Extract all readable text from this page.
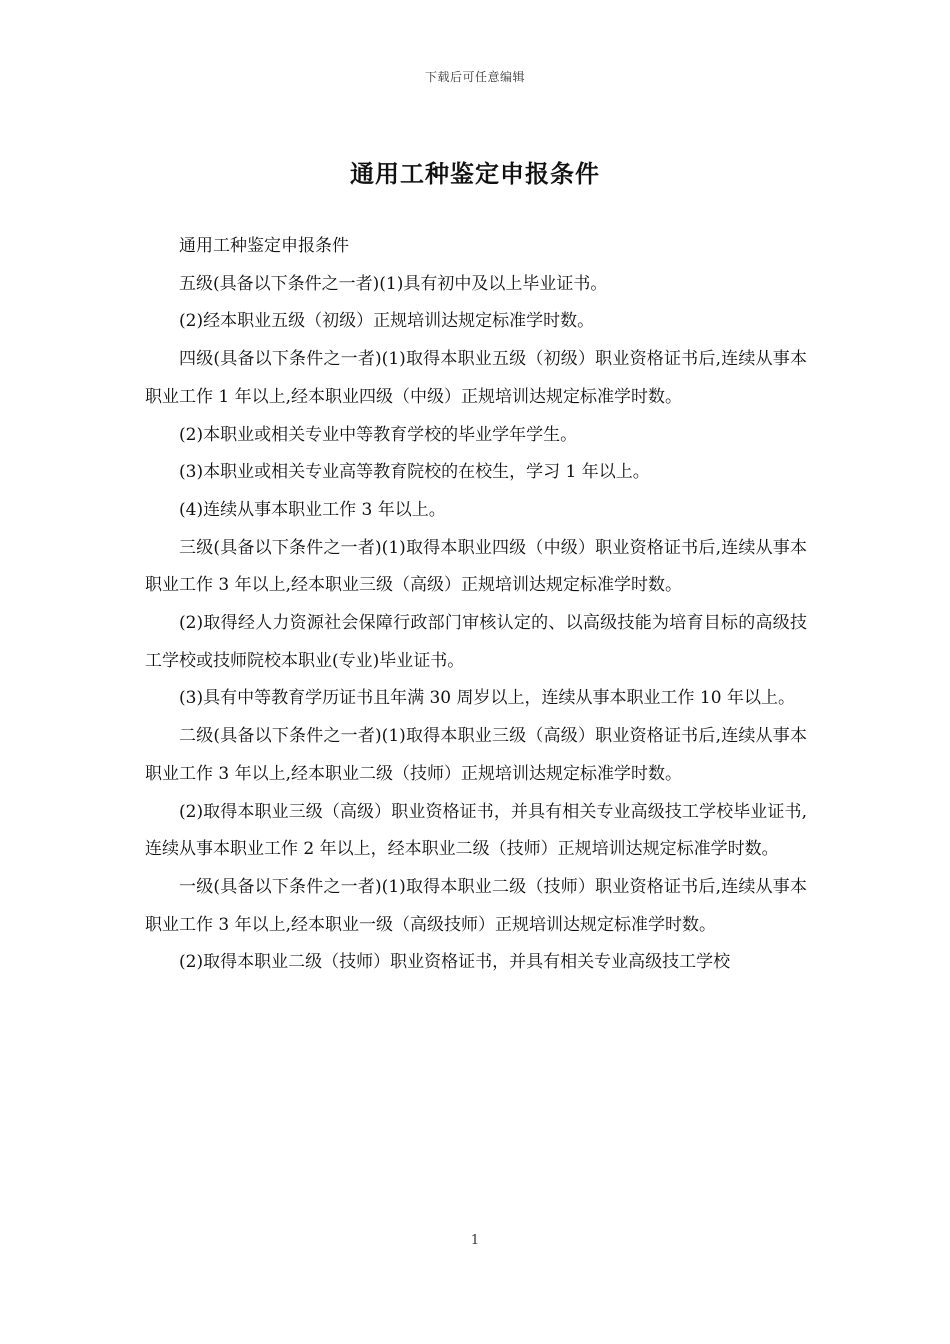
下载后可任意编辑
通用工种鉴定申报条件

通用工种鉴定申报条件

五级(具备以下条件之一者)(1)具有初中及以上毕业证书。

(2)经本职业五级（初级）正规培训达规定标准学时数。

四级(具备以下条件之一者)(1)取得本职业五级（初级）职业资格证书后,连续从事本职业工作 1 年以上,经本职业四级（中级）正规培训达规定标准学时数。

(2)本职业或相关专业中等教育学校的毕业学年学生。

(3)本职业或相关专业高等教育院校的在校生，学习 1 年以上。

(4)连续从事本职业工作 3 年以上。

三级(具备以下条件之一者)(1)取得本职业四级（中级）职业资格证书后,连续从事本职业工作 3 年以上,经本职业三级（高级）正规培训达规定标准学时数。

(2)取得经人力资源社会保障行政部门审核认定的、以高级技能为培育目标的高级技工学校或技师院校本职业(专业)毕业证书。

(3)具有中等教育学历证书且年满 30 周岁以上，连续从事本职业工作 10 年以上。

二级(具备以下条件之一者)(1)取得本职业三级（高级）职业资格证书后,连续从事本职业工作 3 年以上,经本职业二级（技师）正规培训达规定标准学时数。

(2)取得本职业三级（高级）职业资格证书，并具有相关专业高级技工学校毕业证书,连续从事本职业工作 2 年以上，经本职业二级（技师）正规培训达规定标准学时数。

一级(具备以下条件之一者)(1)取得本职业二级（技师）职业资格证书后,连续从事本职业工作 3 年以上,经本职业一级（高级技师）正规培训达规定标准学时数。

(2)取得本职业二级（技师）职业资格证书，并具有相关专业高级技工学校

1
